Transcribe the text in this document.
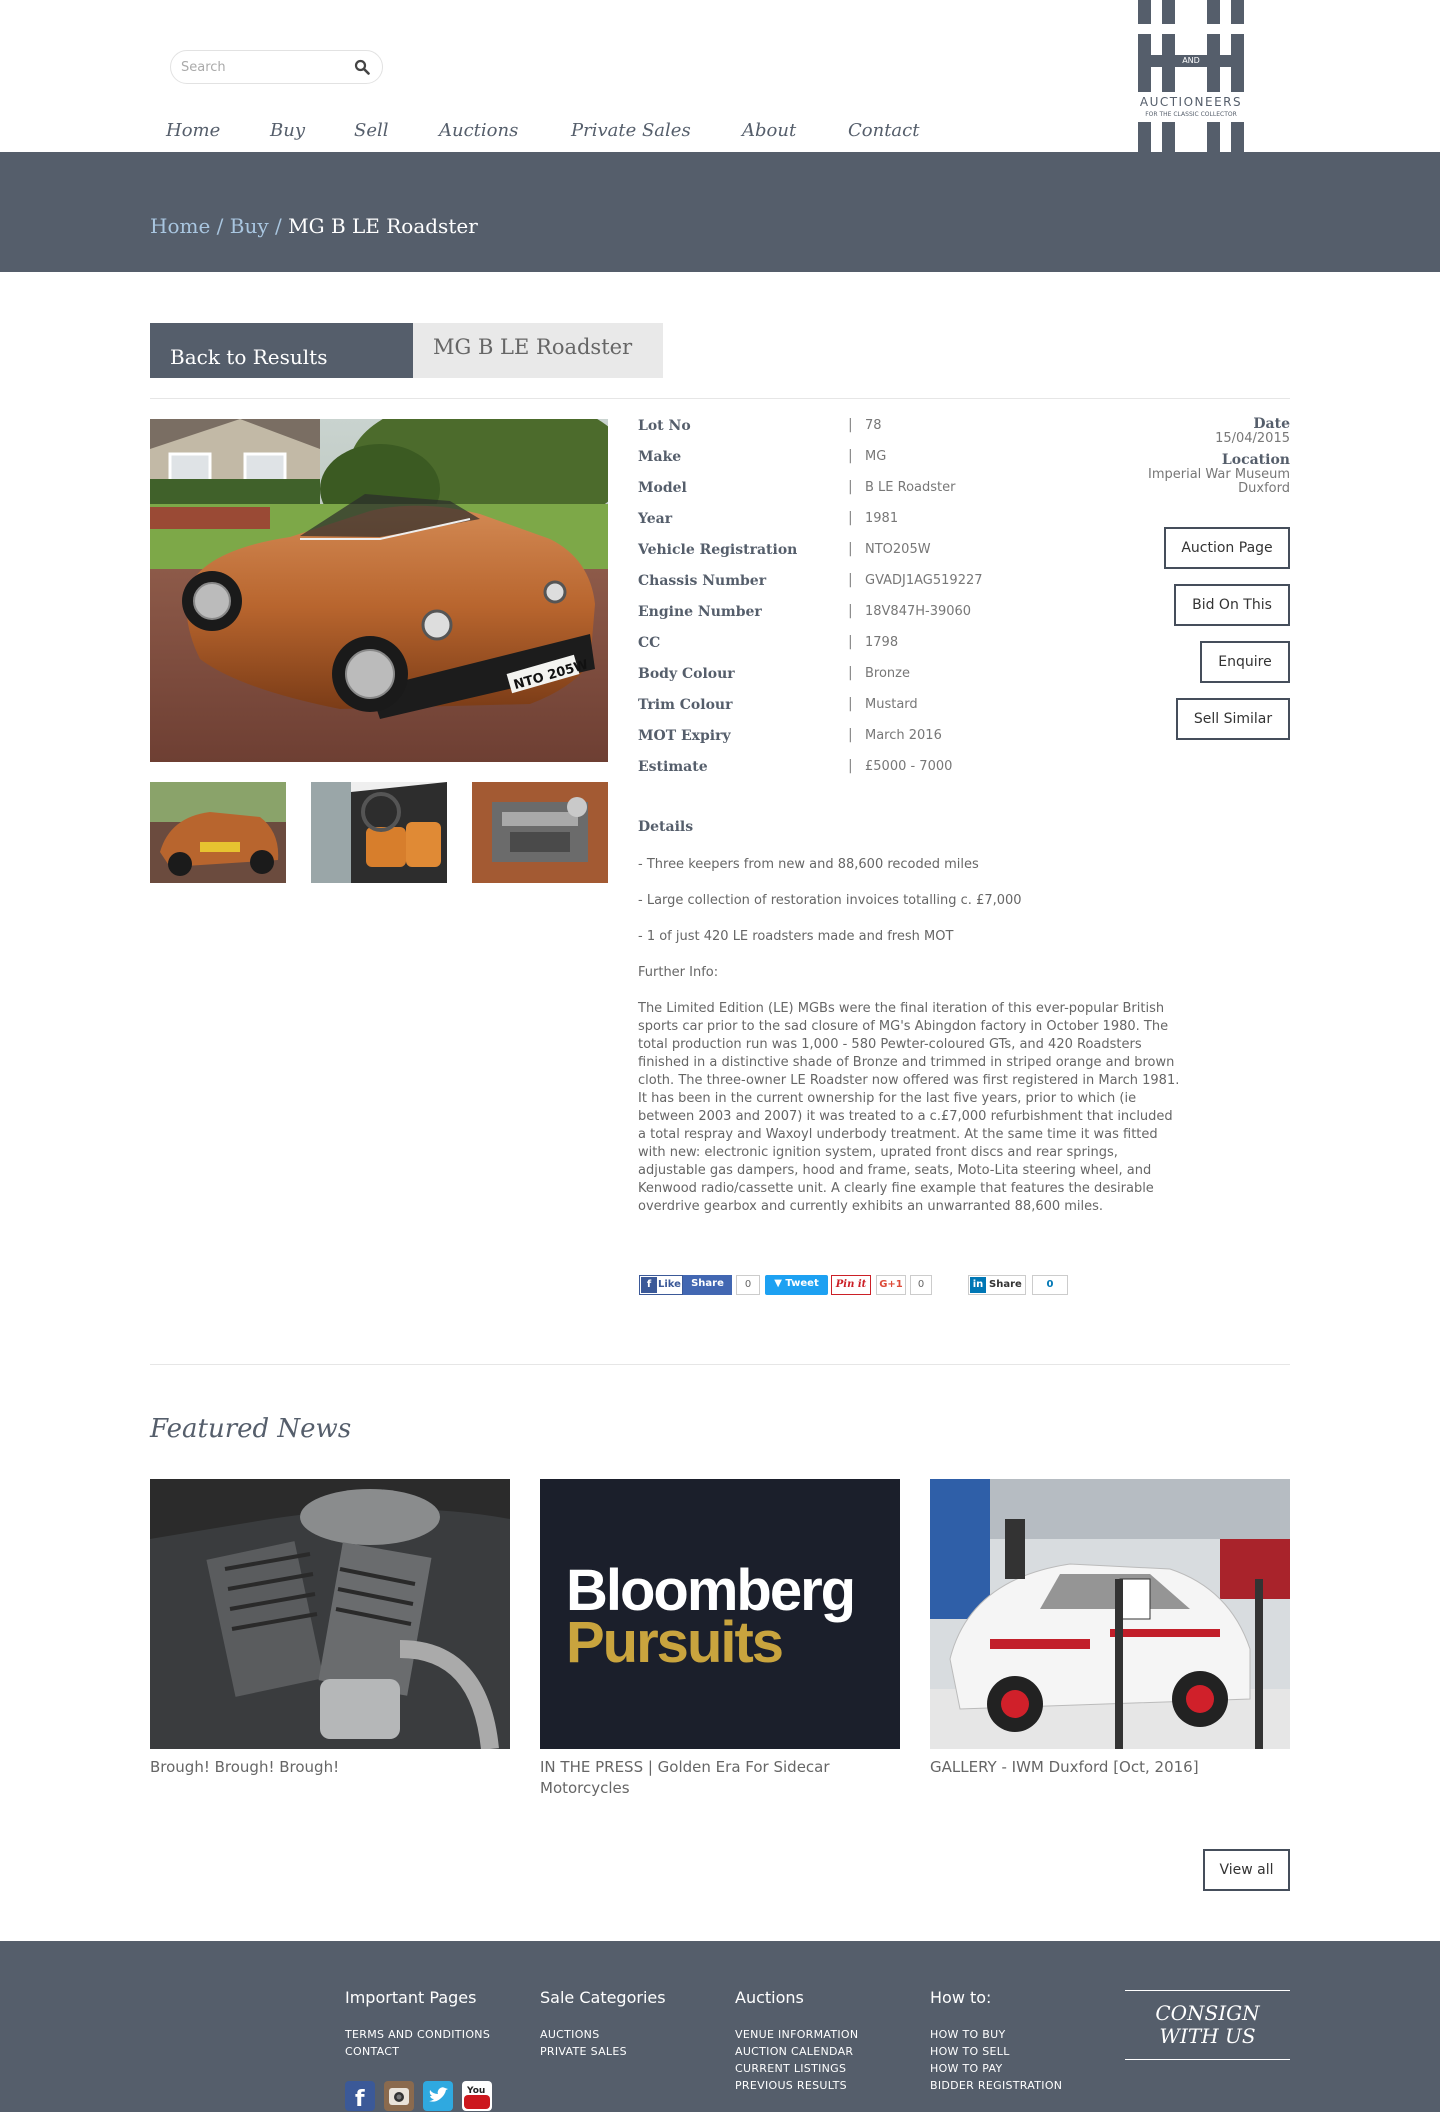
Search
Home	Buy	Sell	Auctions	Private Sales	About	Contact
AND
AUCTIONEERS
FOR THE CLASSIC COLLECTOR
Home / Buy / MG B LE Roadster
Back to Results	MG B LE Roadster
NTO 205W
Lot No	| 78
Make	| MG
Model	| B LE Roadster
Year	| 1981
Vehicle Registration	| NTO205W
Chassis Number	| GVADJ1AG519227
Engine Number	| 18V847H-39060
CC	| 1798
Body Colour	| Bronze
Trim Colour	| Mustard
MOT Expiry	| March 2016
Estimate	| £5000 - 7000
Date
15/04/2015
Location
Imperial War Museum
Duxford
Auction Page
Bid On This
Enquire
Sell Similar
Details
- Three keepers from new and 88,600 recoded miles
- Large collection of restoration invoices totalling c. £7,000
- 1 of just 420 LE roadsters made and fresh MOT
Further Info:
The Limited Edition (LE) MGBs were the final iteration of this ever-popular British sports car prior to the sad closure of MG's Abingdon factory in October 1980. The total production run was 1,000 - 580 Pewter-coloured GTs, and 420 Roadsters finished in a distinctive shade of Bronze and trimmed in striped orange and brown cloth. The three-owner LE Roadster now offered was first registered in March 1981. It has been in the current ownership for the last five years, prior to which (ie between 2003 and 2007) it was treated to a c.£7,000 refurbishment that included a total respray and Waxoyl underbody treatment. At the same time it was fitted with new: electronic ignition system, uprated front discs and rear springs, adjustable gas dampers, hood and frame, seats, Moto-Lita steering wheel, and Kenwood radio/cassette unit. A clearly fine example that features the desirable overdrive gearbox and currently exhibits an unwarranted 88,600 miles.
f Like	Share	0	▼ Tweet	Pin it	G+1	0	in Share	0
Featured News
Bloomberg
Pursuits
Brough! Brough! Brough!	IN THE PRESS | Golden Era For Sidecar Motorcycles
GALLERY - IWM Duxford [Oct, 2016]
View all
Important Pages
TERMS AND CONDITIONS
CONTACT
Sale Categories
AUCTIONS
PRIVATE SALES
Auctions
VENUE INFORMATION
AUCTION CALENDAR
CURRENT LISTINGS
PREVIOUS RESULTS
How to:
HOW TO BUY
HOW TO SELL
HOW TO PAY
BIDDER REGISTRATION
CONSIGN
WITH US
f	You
